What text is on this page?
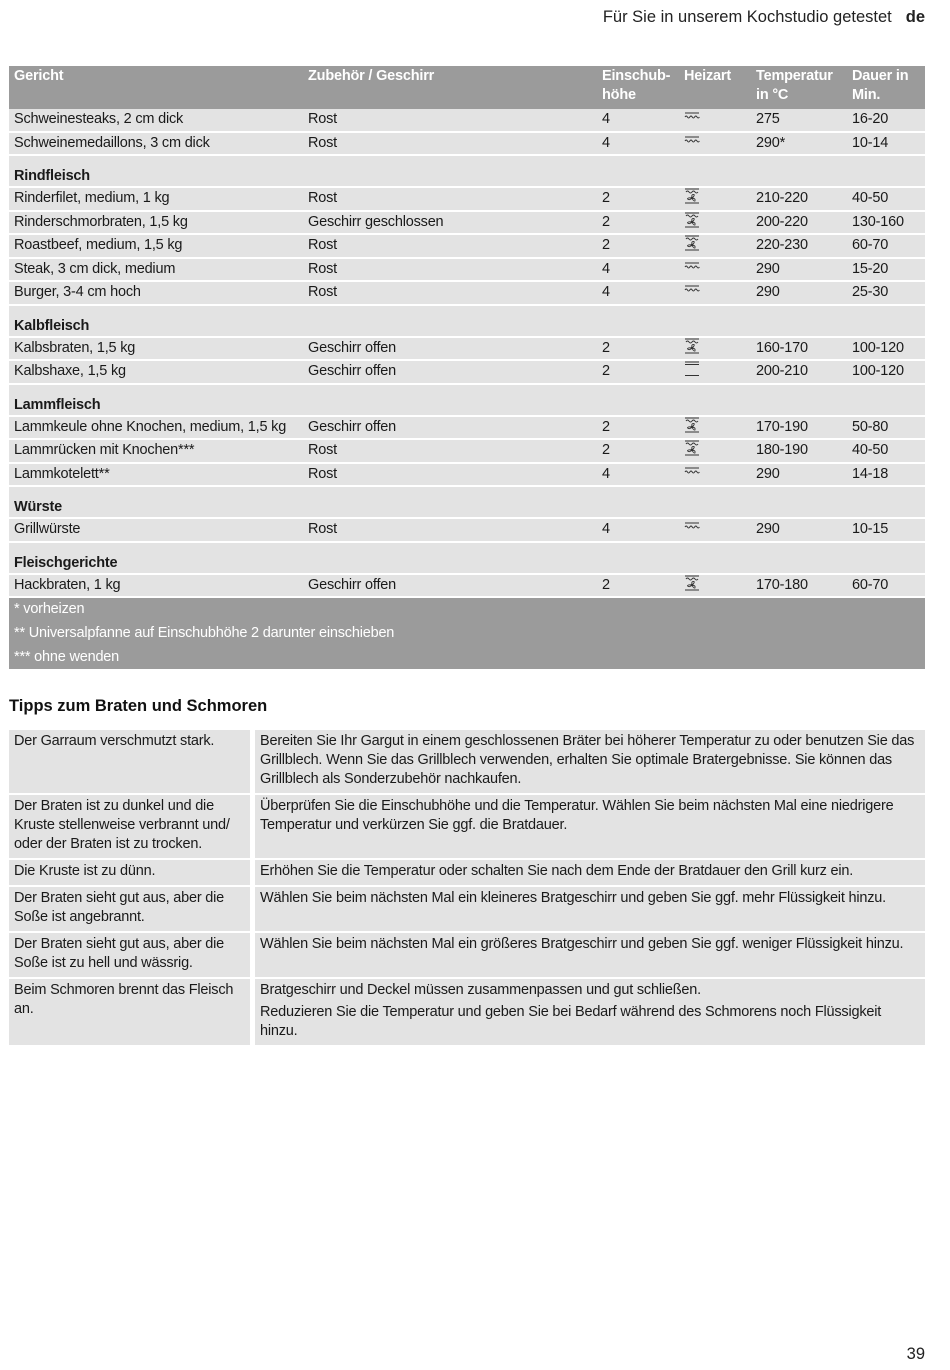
Für Sie in unserem Kochstudio getestet de
Gericht	Zubehör / Geschirr	Einschub- höhe	Heizart	Temperatur in °C	Dauer in Min.
Schweinesteaks, 2 cm dick	Rost	4		275	16-20
Schweinemedaillons, 3 cm dick	Rost	4		290*	10-14
Rindfleisch					
Rinderfilet, medium, 1 kg	Rost	2		210-220	40-50
Rinderschmorbraten, 1,5 kg	Geschirr geschlossen	2		200-220	130-160
Roastbeef, medium, 1,5 kg	Rost	2		220-230	60-70
Steak, 3 cm dick, medium	Rost	4		290	15-20
Burger, 3-4 cm hoch	Rost	4		290	25-30
Kalbfleisch					
Kalbsbraten, 1,5 kg	Geschirr offen	2		160-170	100-120
Kalbshaxe, 1,5 kg	Geschirr offen	2		200-210	100-120
Lammfleisch					
Lammkeule ohne Knochen, medium, 1,5 kg	Geschirr offen	2		170-190	50-80
Lammrücken mit Knochen***	Rost	2		180-190	40-50
Lammkotelett**	Rost	4		290	14-18
Würste					
Grillwürste	Rost	4		290	10-15
Fleischgerichte					
Hackbraten, 1 kg	Geschirr offen	2		170-180	60-70
* vorheizen					
** Universalpfanne auf Einschubhöhe 2 darunter einschieben					
*** ohne wenden					
Tipps zum Braten und Schmoren
Der Garraum verschmutzt stark.	Bereiten Sie Ihr Gargut in einem geschlossenen Bräter bei höherer Temperatur zu oder benutzen Sie das Grillblech. Wenn Sie das Grillblech verwenden, erhalten Sie optimale Bratergebnisse. Sie können das Grillblech als Sonderzubehör nachkaufen.

Der Braten ist zu dunkel und die Kruste stellenweise verbrannt und/ oder der Braten ist zu trocken.	Überprüfen Sie die Einschubhöhe und die Temperatur. Wählen Sie beim nächsten Mal eine niedrigere Temperatur und verkürzen Sie ggf. die Bratdauer.

Die Kruste ist zu dünn.	Erhöhen Sie die Temperatur oder schalten Sie nach dem Ende der Bratdauer den Grill kurz ein.

Der Braten sieht gut aus, aber die Soße ist angebrannt.	Wählen Sie beim nächsten Mal ein kleineres Bratgeschirr und geben Sie ggf. mehr Flüssigkeit hinzu.

Der Braten sieht gut aus, aber die Soße ist zu hell und wässrig.	Wählen Sie beim nächsten Mal ein größeres Bratgeschirr und geben Sie ggf. weniger Flüssigkeit hinzu.

Beim Schmoren brennt das Fleisch an.	Bratgeschirr und Deckel müssen zusammenpassen und gut schließen.

Reduzieren Sie die Temperatur und geben Sie bei Bedarf während des Schmorens noch Flüssigkeit hinzu.

39
